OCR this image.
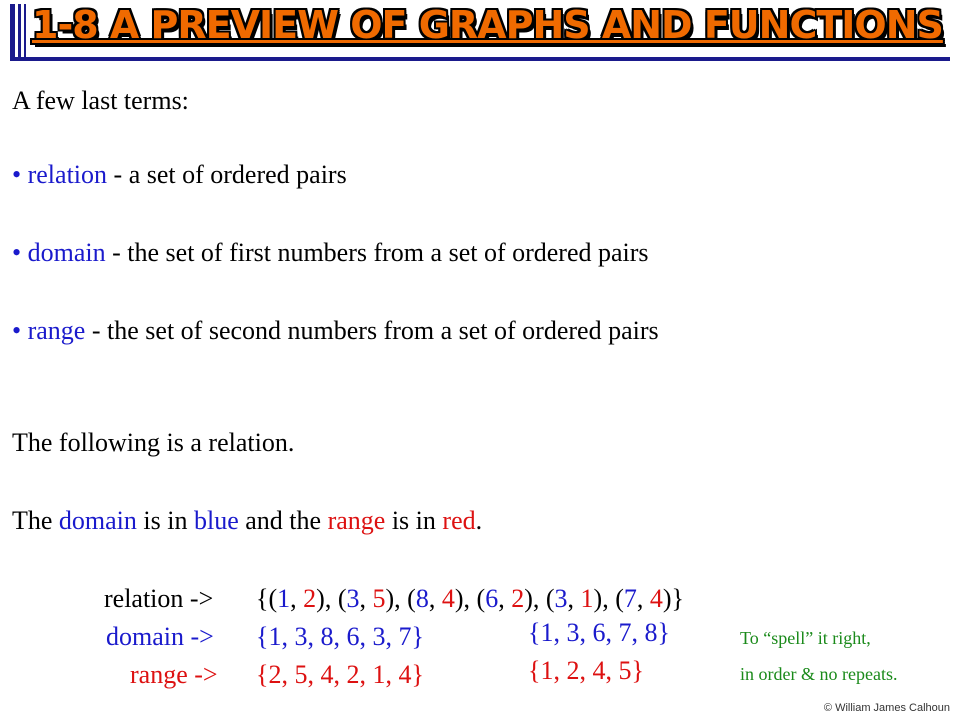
1-8 A PREVIEW OF GRAPHS AND FUNCTIONS
A few last terms:
• relation - a set of ordered pairs
• domain - the set of first numbers from a set of ordered pairs
• range - the set of second numbers from a set of ordered pairs
The following is a relation.
The domain is in blue and the range is in red.
relation -> {(1, 2), (3, 5), (8, 4), (6, 2), (3, 1), (7, 4)}
domain -> {1, 3, 8, 6, 3, 7}
range -> {2, 5, 4, 2, 1, 4}
{1, 3, 6, 7, 8}
{1, 2, 4, 5}
To “spell” it right,
in order & no repeats.
© William James Calhoun
